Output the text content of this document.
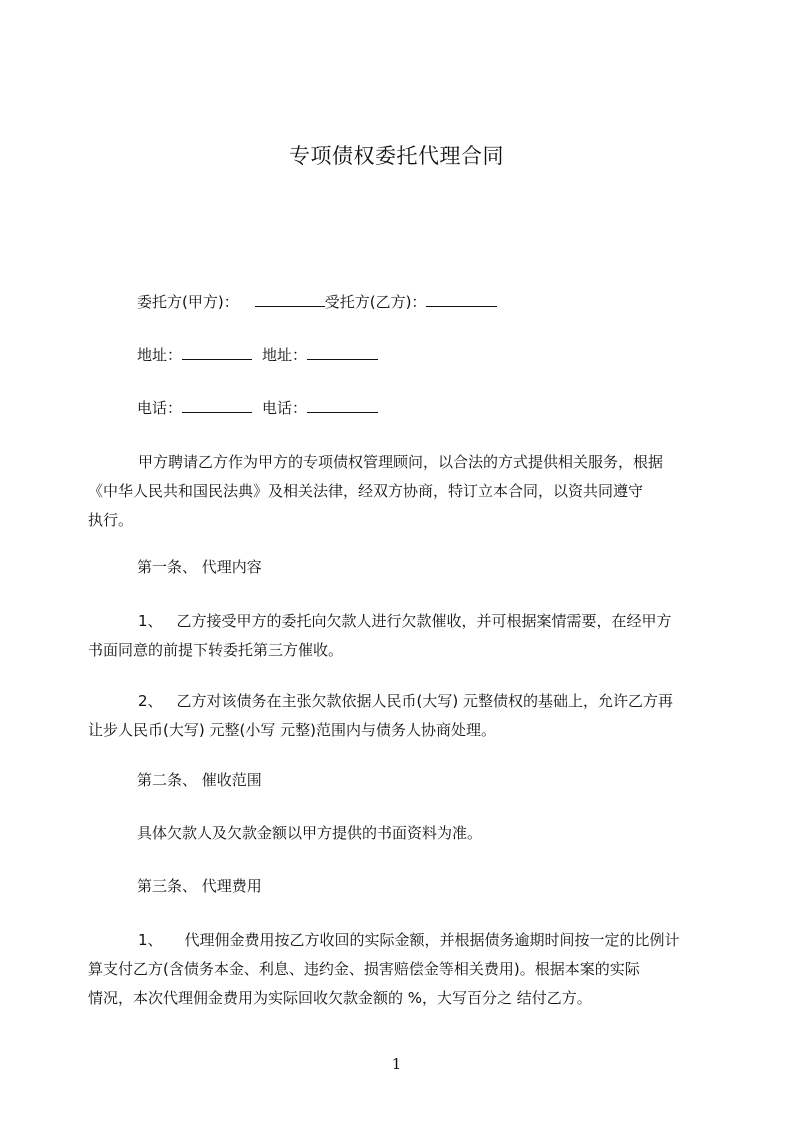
专项债权委托代理合同
委托方(甲方)：	受托方(乙方)：
地址：	地址：
电话：	电话：
甲方聘请乙方作为甲方的专项债权管理顾问，以合法的方式提供相关服务，根据
《中华人民共和国民法典》及相关法律，经双方协商，特订立本合同，以资共同遵守
执行。
第一条、 代理内容
1、 乙方接受甲方的委托向欠款人进行欠款催收，并可根据案情需要，在经甲方
书面同意的前提下转委托第三方催收。
2、 乙方对该债务在主张欠款依据人民币(大写) 元整债权的基础上，允许乙方再
让步人民币(大写) 元整(小写 元整)范围内与债务人协商处理。
第二条、 催收范围
具体欠款人及欠款金额以甲方提供的书面资料为准。
第三条、 代理费用
1、 代理佣金费用按乙方收回的实际金额，并根据债务逾期时间按一定的比例计
算支付乙方(含债务本金、利息、违约金、损害赔偿金等相关费用)。根据本案的实际
情况，本次代理佣金费用为实际回收欠款金额的 %，大写百分之 结付乙方。
1
